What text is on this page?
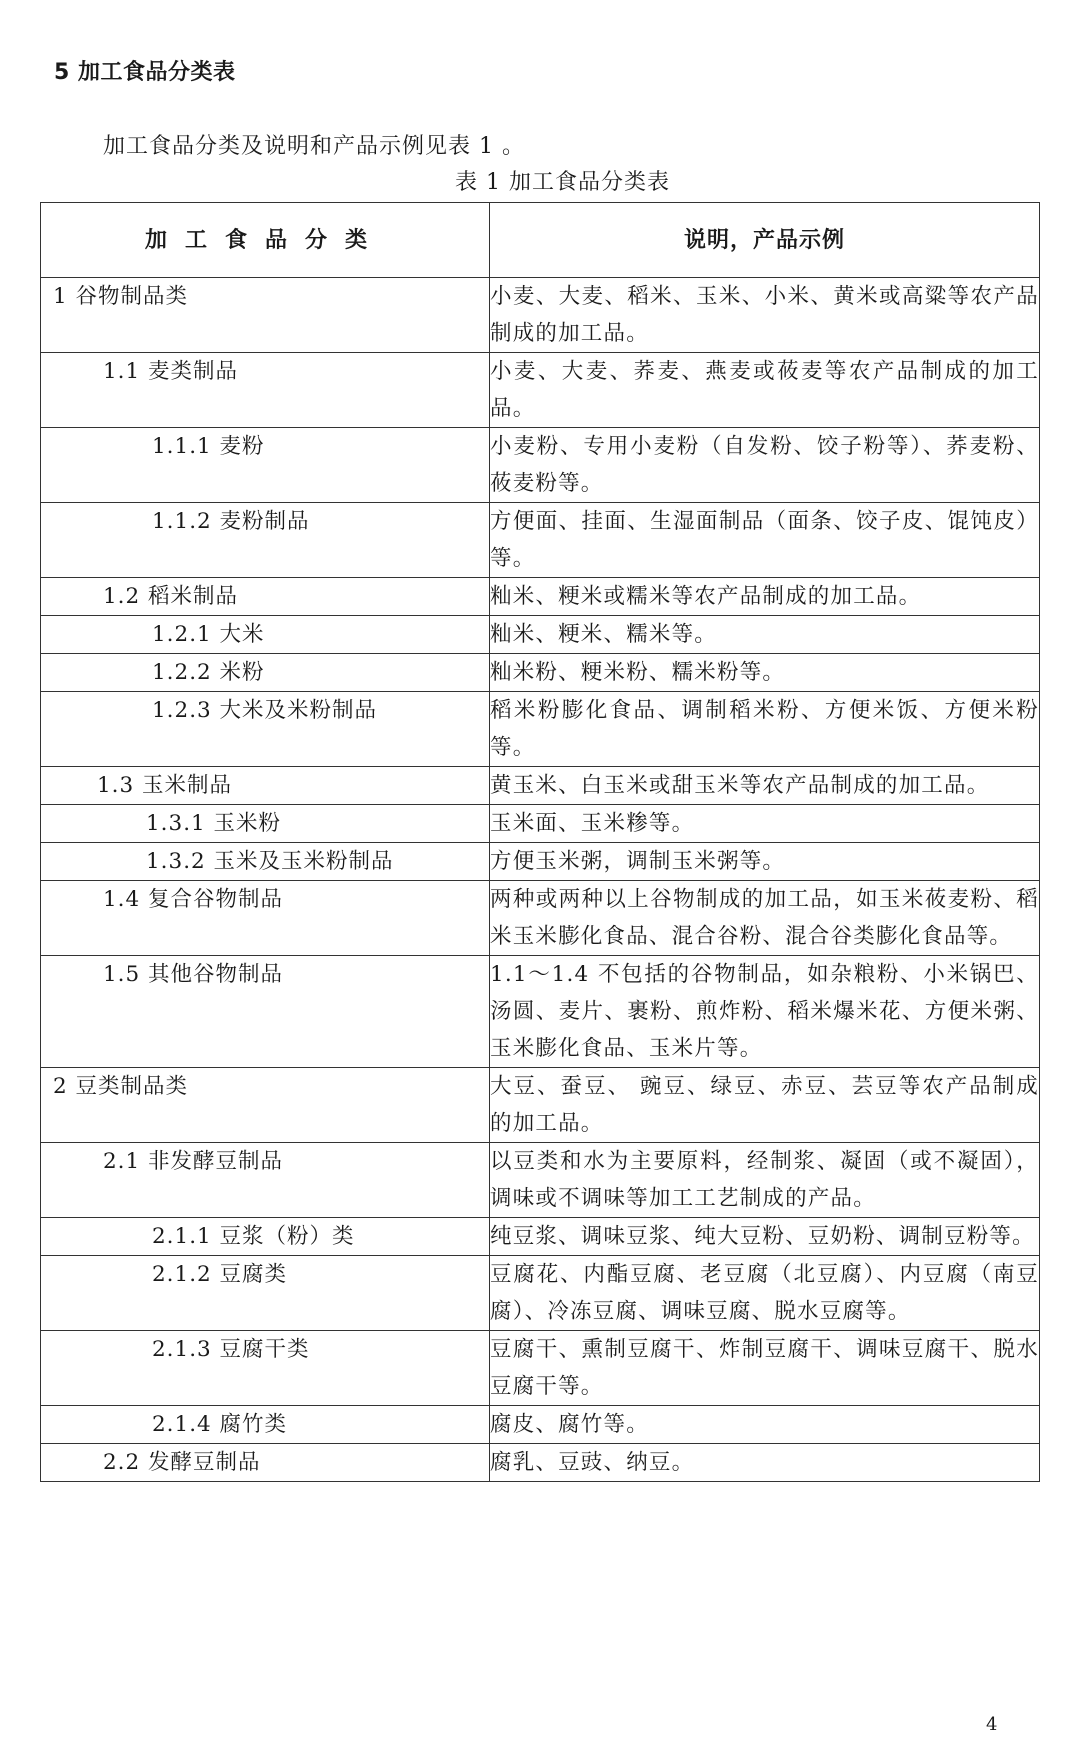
5 加工食品分类表
加工食品分类及说明和产品示例见表 1 。
表 1 加工食品分类表
加工食品分类	说明，产品示例
1 谷物制品类	小麦、大麦、稻米、玉米、小米、黄米或高粱等农产品制成的加工品。
1.1 麦类制品	小麦、大麦、荞麦、燕麦或莜麦等农产品制成的加工品。
1.1.1 麦粉	小麦粉、专用小麦粉（自发粉、饺子粉等）、荞麦粉、莜麦粉等。
1.1.2 麦粉制品	方便面、挂面、生湿面制品（面条、饺子皮、馄饨皮）等。
1.2 稻米制品	籼米、粳米或糯米等农产品制成的加工品。
1.2.1 大米	籼米、粳米、糯米等。
1.2.2 米粉	籼米粉、粳米粉、糯米粉等。
1.2.3 大米及米粉制品	稻米粉膨化食品、调制稻米粉、方便米饭、方便米粉等。
1.3 玉米制品	黄玉米、白玉米或甜玉米等农产品制成的加工品。
1.3.1 玉米粉	玉米面、玉米糁等。
1.3.2 玉米及玉米粉制品	方便玉米粥，调制玉米粥等。
1.4 复合谷物制品	两种或两种以上谷物制成的加工品，如玉米莜麦粉、稻米玉米膨化食品、混合谷粉、混合谷类膨化食品等。
1.5 其他谷物制品	1.1～1.4 不包括的谷物制品，如杂粮粉、小米锅巴、汤圆、麦片、裹粉、煎炸粉、稻米爆米花、方便米粥、玉米膨化食品、玉米片等。
2 豆类制品类	大豆、蚕豆、 豌豆、绿豆、赤豆、芸豆等农产品制成的加工品。
2.1 非发酵豆制品	以豆类和水为主要原料，经制浆、凝固（或不凝固），调味或不调味等加工工艺制成的产品。
2.1.1 豆浆（粉）类	纯豆浆、调味豆浆、纯大豆粉、豆奶粉、调制豆粉等。
2.1.2 豆腐类	豆腐花、内酯豆腐、老豆腐（北豆腐）、内豆腐（南豆腐）、冷冻豆腐、调味豆腐、脱水豆腐等。
2.1.3 豆腐干类	豆腐干、熏制豆腐干、炸制豆腐干、调味豆腐干、脱水豆腐干等。
2.1.4 腐竹类	腐皮、腐竹等。
2.2 发酵豆制品	腐乳、豆豉、纳豆。
4
